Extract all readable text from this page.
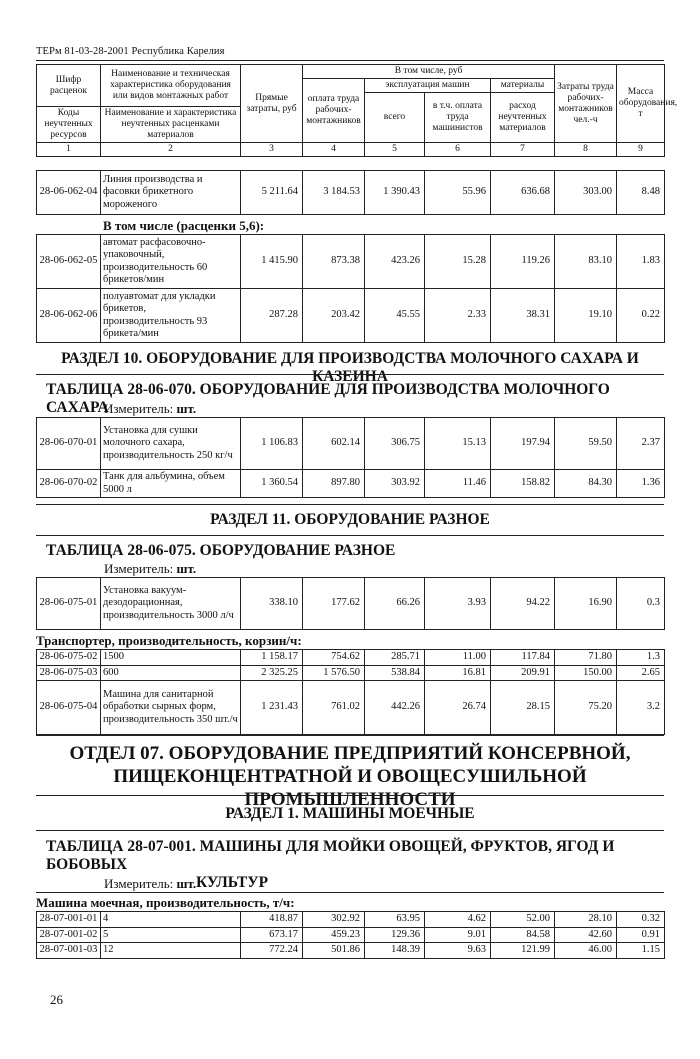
ТЕРм 81-03-28-2001 Республика Карелия
Шифр расценок	Наименование и техническая характеристика оборудования или видов монтажных работ	Прямые затраты, руб	В том числе, руб				Затраты труда рабочих-монтажников чел.-ч	Масса оборудования, т
			оплата труда рабочих-монтажников	эксплуатация машин		материалы		
				всего	в т.ч. оплата труда машинистов	расход неучтенных материалов		
Коды неучтенных ресурсов	Наименование и характеристика неучтенных расценками материалов							

1	2	3	4	5	6	7	8	9
28-06-062-04	Линия производства и фасовки брикетного мороженого	5 211.64	3 184.53	1 390.43	55.96	636.68	303.00	8.48
В том числе (расценки 5,6):
28-06-062-05	автомат расфасовочно-упаковочный, производительность 60 брикетов/мин	1 415.90	873.38	423.26	15.28	119.26	83.10	1.83
28-06-062-06	полуавтомат для укладки брикетов, производительность 93 брикета/мин	287.28	203.42	45.55	2.33	38.31	19.10	0.22
РАЗДЕЛ 10. ОБОРУДОВАНИЕ ДЛЯ ПРОИЗВОДСТВА МОЛОЧНОГО САХАРА И КАЗЕИНА
ТАБЛИЦА 28-06-070. ОБОРУДОВАНИЕ ДЛЯ ПРОИЗВОДСТВА МОЛОЧНОГО САХАРА
Измеритель: шт.
28-06-070-01	Установка для сушки молочного сахара, производительность 250 кг/ч	1 106.83	602.14	306.75	15.13	197.94	59.50	2.37
28-06-070-02	Танк для альбумина, объем 5000 л	1 360.54	897.80	303.92	11.46	158.82	84.30	1.36
РАЗДЕЛ 11. ОБОРУДОВАНИЕ РАЗНОЕ
ТАБЛИЦА 28-06-075. ОБОРУДОВАНИЕ РАЗНОЕ
Измеритель: шт.
28-06-075-01	Установка вакуум-дезодорационная, производительность 3000 л/ч	338.10	177.62	66.26	3.93	94.22	16.90	0.3
Транспортер, производительность, корзин/ч:
28-06-075-02	1500	1 158.17	754.62	285.71	11.00	117.84	71.80	1.3
28-06-075-03	600	2 325.25	1 576.50	538.84	16.81	209.91	150.00	2.65
28-06-075-04	Машина для санитарной обработки сырных форм, производительность 350 шт./ч	1 231.43	761.02	442.26	26.74	28.15	75.20	3.2
ОТДЕЛ 07. ОБОРУДОВАНИЕ ПРЕДПРИЯТИЙ КОНСЕРВНОЙ,
ПИЩЕКОНЦЕНТРАТНОЙ И ОВОЩЕСУШИЛЬНОЙ ПРОМЫШЛЕННОСТИ
РАЗДЕЛ 1. МАШИНЫ МОЕЧНЫЕ
ТАБЛИЦА 28-07-001. МАШИНЫ ДЛЯ МОЙКИ ОВОЩЕЙ, ФРУКТОВ, ЯГОД И БОБОВЫХ
КУЛЬТУР
Измеритель: шт.
Машина моечная, производительность, т/ч:
28-07-001-01	4	418.87	302.92	63.95	4.62	52.00	28.10	0.32
28-07-001-02	5	673.17	459.23	129.36	9.01	84.58	42.60	0.91
28-07-001-03	12	772.24	501.86	148.39	9.63	121.99	46.00	1.15
26
